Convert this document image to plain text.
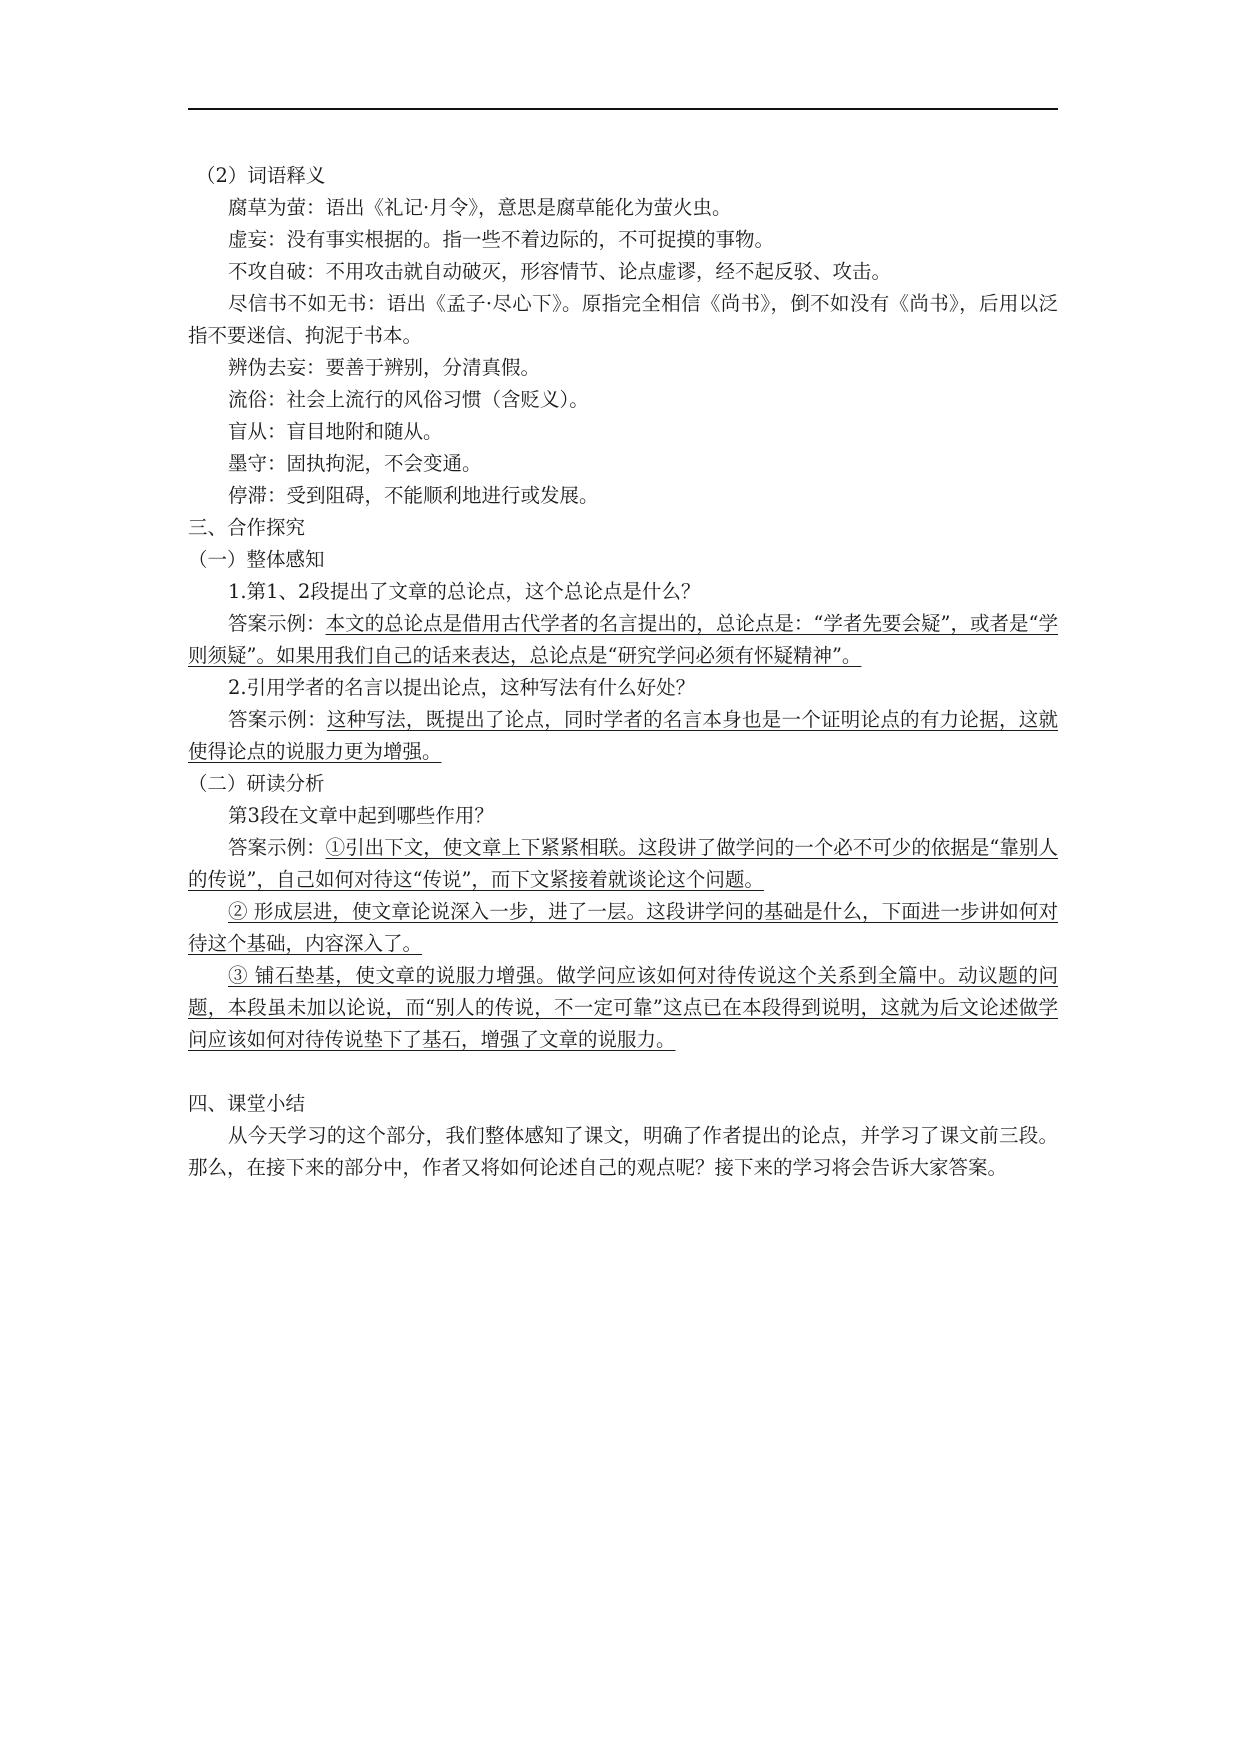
（2）词语释义
腐草为萤：语出《礼记·月令》，意思是腐草能化为萤火虫。
虚妄：没有事实根据的。指一些不着边际的，不可捉摸的事物。
不攻自破：不用攻击就自动破灭，形容情节、论点虚谬，经不起反驳、攻击。
尽信书不如无书：语出《孟子·尽心下》。原指完全相信《尚书》，倒不如没有《尚书》，后用以泛指不要迷信、拘泥于书本。
辨伪去妄：要善于辨别，分清真假。
流俗：社会上流行的风俗习惯（含贬义）。
盲从：盲目地附和随从。
墨守：固执拘泥，不会变通。
停滞：受到阻碍，不能顺利地进行或发展。
三、合作探究
（一）整体感知
1.第1、2段提出了文章的总论点，这个总论点是什么？
答案示例：本文的总论点是借用古代学者的名言提出的，总论点是：“学者先要会疑”，或者是“学则须疑”。如果用我们自己的话来表达，总论点是“研究学问必须有怀疑精神”。
2.引用学者的名言以提出论点，这种写法有什么好处？
答案示例：这种写法，既提出了论点，同时学者的名言本身也是一个证明论点的有力论据，这就使得论点的说服力更为增强。
（二）研读分析
第3段在文章中起到哪些作用？
答案示例：①引出下文，使文章上下紧紧相联。这段讲了做学问的一个必不可少的依据是“靠别人的传说”，自己如何对待这“传说”，而下文紧接着就谈论这个问题。
② 形成层进，使文章论说深入一步，进了一层。这段讲学问的基础是什么，下面进一步讲如何对待这个基础，内容深入了。
③ 铺石垫基，使文章的说服力增强。做学问应该如何对待传说这个关系到全篇中。动议题的问题，本段虽未加以论说，而“别人的传说，不一定可靠”这点已在本段得到说明，这就为后文论述做学问应该如何对待传说垫下了基石，增强了文章的说服力。
四、课堂小结
从今天学习的这个部分，我们整体感知了课文，明确了作者提出的论点，并学习了课文前三段。那么，在接下来的部分中，作者又将如何论述自己的观点呢？接下来的学习将会告诉大家答案。
